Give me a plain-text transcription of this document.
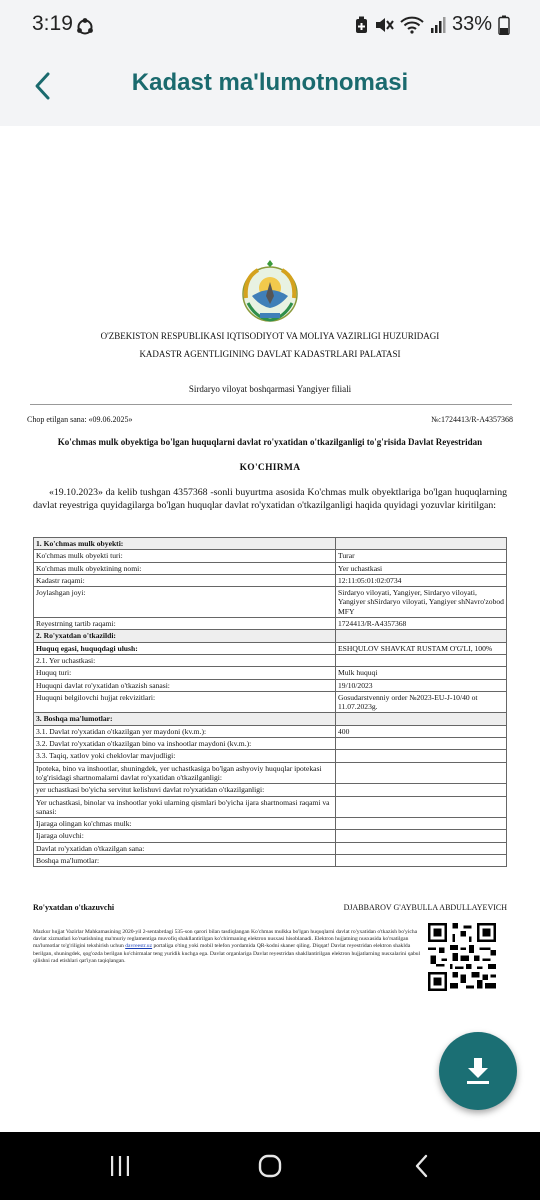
3:19	33%
Kadast ma'lumotnomasi
O'ZBEKISTON RESPUBLIKASI IQTISODIYOT VA MOLIYA VAZIRLIGI HUZURIDAGI
KADASTR AGENTLIGINING DAVLAT KADASTRLARI PALATASI
Sirdaryo viloyat boshqarmasi Yangiyer filiali
Chop etilgan sana: «09.06.2025»	№:1724413/R-A4357368
Ko'chmas mulk obyektiga bo'lgan huquqlarni davlat ro'yxatidan o'tkazilganligi to'g'risida Davlat Reyestridan
KO'CHIRMA
«19.10.2023» da kelib tushgan 4357368 -sonli buyurtma asosida Ko'chmas mulk obyektlariga bo'lgan huquqlarning davlat reyestriga quyidagilarga bo'lgan huquqlar davlat ro'yxatidan o'tkazilganligi haqida quyidagi yozuvlar kiritilgan:
1. Ko'chmas mulk obyekti:	
Ko'chmas mulk obyekti turi:	Turar
Ko'chmas mulk obyektining nomi:	Yer uchastkasi
Kadastr raqami:	12:11:05:01:02:0734
Joylashgan joyi:	Sirdaryo viloyati, Yangiyer, Sirdaryo viloyati, Yangiyer shSirdaryo viloyati, Yangiyer shNavro'zobod MFY
Reyestrning tartib raqami:	1724413/R-A4357368
2. Ro'yxatdan o'tkazildi:	
Huquq egasi, huquqdagi ulush:	ESHQULOV SHAVKAT RUSTAM O'G'LI, 100%
2.1. Yer uchastkasi:	
Huquq turi:	Mulk huquqi
Huquqni davlat ro'yxatidan o'tkazish sanasi:	19/10/2023
Huquqni belgilovchi hujjat rekvizitlari:	Gosudarstvenniy order №2023-EU-J-10/40 ot 11.07.2023g.
3. Boshqa ma'lumotlar:	
3.1. Davlat ro'yxatidan o'tkazilgan yer maydoni (kv.m.):	400
3.2. Davlat ro'yxatidan o'tkazilgan bino va inshootlar maydoni (kv.m.):	
3.3. Taqiq, xatlov yoki cheklovlar mavjudligi:	
Ipoteka, bino va inshootlar, shuningdek, yer uchastkasiga bo'lgan ashyoviy huquqlar ipotekasi to'g'risidagi shartnomalarni davlat ro'yxatidan o'tkazilganligi:	
yer uchastkasi bo'yicha servitut kelishuvi davlat ro'yxatidan o'tkazilganligi:	
Yer uchastkasi, binolar va inshootlar yoki ularning qismlari bo'yicha ijara shartnomasi raqami va sanasi:	
Ijaraga olingan ko'chmas mulk:	
Ijaraga oluvchi:	
Davlat ro'yxatidan o'tkazilgan sana:	
Boshqa ma'lumotlar:	
Ro'yxatdan o'tkazuvchi	DJABBAROV G'AYBULLA ABDULLAYEVICH
Mazkur hujjat Vazirlar Mahkamasining 2020-yil 2-sentabrdagi 535-son qarori bilan tasdiqlangan Ko'chmas mulkka bo'lgan huquqlarni davlat ro'yxatidan o'tkazish bo'yicha davlat xizmatlari ko'rsatishning ma'muriy reglamentiga muvofiq shakllantirilgan ko'chirmaning elektron nusxasi hisoblanadi. Elektron hujjatning nusxasida ko'rsatilgan ma'lumotlar to'g'riligini tekshirish uchun davreestr.uz portaliga o'ting yoki mobil telefon yordamida QR-kodni skaner qiling. Diqqat! Davlat reyestridan elektron shaklda berilgan, shuningdek, qog'ozda berilgan ko'chirmalar teng yuridik kuchga ega. Davlat organlariga Davlat reyestridan shakllantirilgan elektron hujjatlarning nusxalarini qabul qilishni rad etishlari qat'iyan taqiqlangan.
